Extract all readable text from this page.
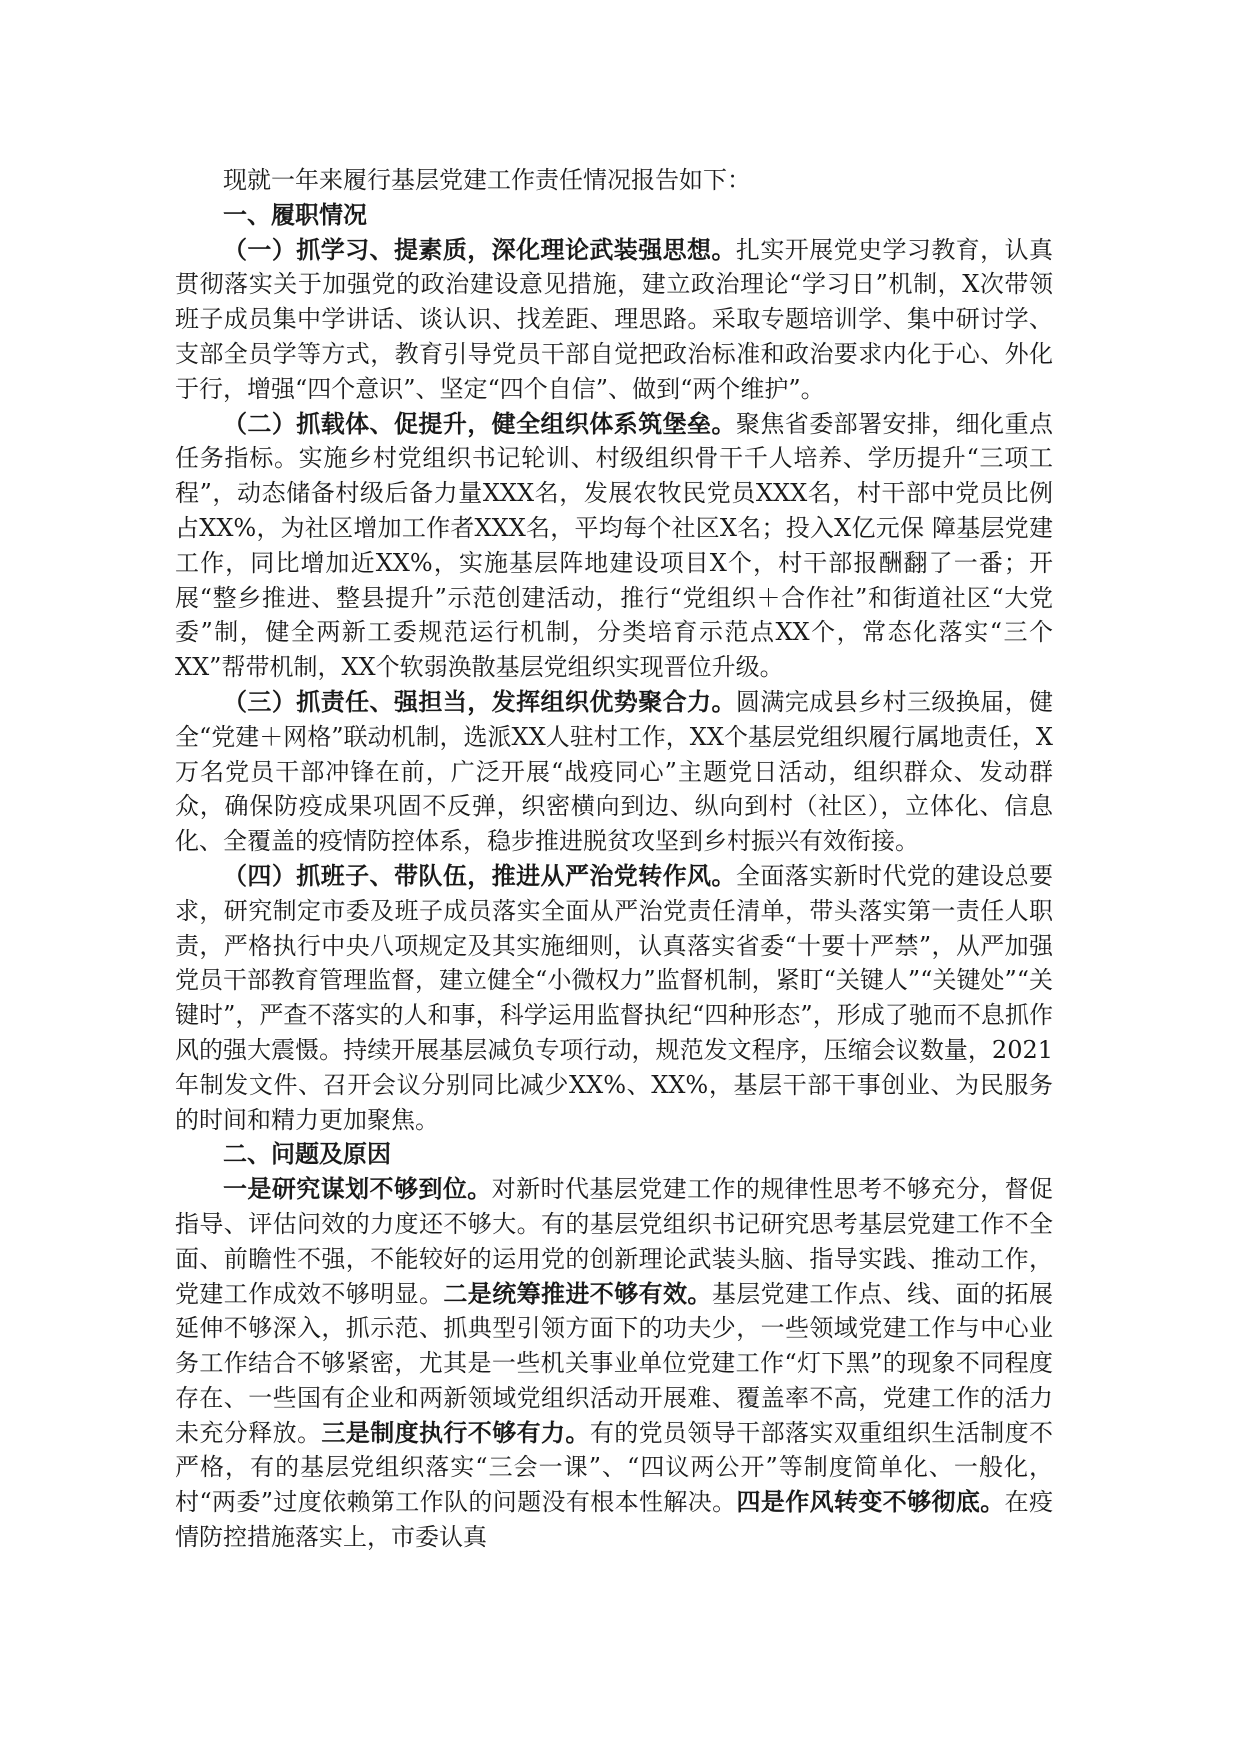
现就一年来履行基层党建工作责任情况报告如下：

一、履职情况

（一）抓学习、提素质，深化理论武装强思想。扎实开展党史学习教育，认真贯彻落实关于加强党的政治建设意见措施，建立政治理论“学习日”机制，X次带领班子成员集中学讲话、谈认识、找差距、理思路。采取专题培训学、集中研讨学、支部全员学等方式，教育引导党员干部自觉把政治标准和政治要求内化于心、外化于行，增强“四个意识”、坚定“四个自信”、做到“两个维护”。

（二）抓载体、促提升，健全组织体系筑堡垒。聚焦省委部署安排，细化重点任务指标。实施乡村党组织书记轮训、村级组织骨干千人培养、学历提升“三项工程”，动态储备村级后备力量XXX名，发展农牧民党员XXX名，村干部中党员比例占XX%，为社区增加工作者XXX名，平均每个社区X名；投入X亿元保 障基层党建工作，同比增加近XX%，实施基层阵地建设项目X个，村干部报酬翻了一番；开展“整乡推进、整县提升”示范创建活动，推行“党组织＋合作社”和街道社区“大党委”制，健全两新工委规范运行机制，分类培育示范点XX个，常态化落实“三个XX”帮带机制，XX个软弱涣散基层党组织实现晋位升级。

（三）抓责任、强担当，发挥组织优势聚合力。圆满完成县乡村三级换届，健全“党建＋网格”联动机制，选派XX人驻村工作，XX个基层党组织履行属地责任，X万名党员干部冲锋在前，广泛开展“战疫同心”主题党日活动，组织群众、发动群众，确保防疫成果巩固不反弹，织密横向到边、纵向到村（社区），立体化、信息化、全覆盖的疫情防控体系，稳步推进脱贫攻坚到乡村振兴有效衔接。

（四）抓班子、带队伍，推进从严治党转作风。全面落实新时代党的建设总要求，研究制定市委及班子成员落实全面从严治党责任清单，带头落实第一责任人职责，严格执行中央八项规定及其实施细则，认真落实省委“十要十严禁”，从严加强党员干部教育管理监督，建立健全“小微权力”监督机制，紧盯“关键人”“关键处”“关键时”，严查不落实的人和事，科学运用监督执纪“四种形态”，形成了驰而不息抓作风的强大震慑。持续开展基层减负专项行动，规范发文程序，压缩会议数量，2021年制发文件、召开会议分别同比减少XX%、XX%，基层干部干事创业、为民服务的时间和精力更加聚焦。

二、问题及原因

一是研究谋划不够到位。对新时代基层党建工作的规律性思考不够充分，督促指导、评估问效的力度还不够大。有的基层党组织书记研究思考基层党建工作不全面、前瞻性不强，不能较好的运用党的创新理论武装头脑、指导实践、推动工作，党建工作成效不够明显。二是统筹推进不够有效。基层党建工作点、线、面的拓展延伸不够深入，抓示范、抓典型引领方面下的功夫少，一些领域党建工作与中心业务工作结合不够紧密，尤其是一些机关事业单位党建工作“灯下黑”的现象不同程度存在、一些国有企业和两新领域党组织活动开展难、覆盖率不高，党建工作的活力未充分释放。三是制度执行不够有力。有的党员领导干部落实双重组织生活制度不严格，有的基层党组织落实“三会一课”、“四议两公开”等制度简单化、一般化，村“两委”过度依赖第工作队的问题没有根本性解决。四是作风转变不够彻底。在疫情防控措施落实上，市委认真
